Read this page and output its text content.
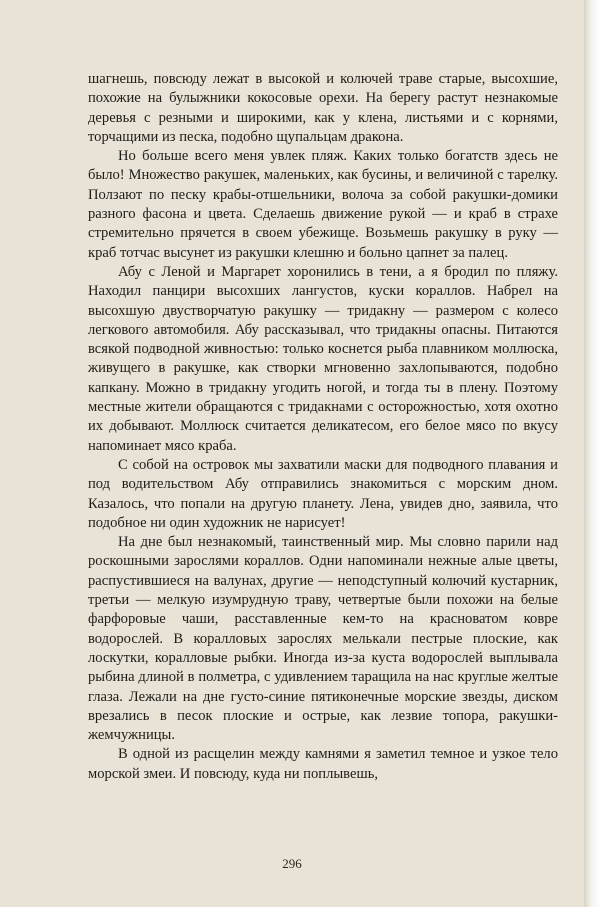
шагнешь, повсюду лежат в высокой и колючей траве старые, высохшие, похожие на булыжники кокосовые орехи. На берегу растут незнакомые деревья с резными и широкими, как у клена, листьями и с корнями, торчащими из песка, подобно щупальцам дракона.

Но больше всего меня увлек пляж. Каких только богатств здесь не было! Множество ракушек, маленьких, как бусины, и величиной с тарелку. Ползают по песку крабы-отшельники, волоча за собой ракушки-домики разного фасона и цвета. Сделаешь движение рукой — и краб в страхе стремительно прячется в своем убежище. Возьмешь ракушку в руку — краб тотчас высунет из ракушки клешню и больно цапнет за палец.

Абу с Леной и Маргарет хоронились в тени, а я бродил по пляжу. Находил панцири высохших лангустов, куски кораллов. Набрел на высохшую двустворчатую ракушку — тридакну — размером с колесо легкового автомобиля. Абу рассказывал, что тридакны опасны. Питаются всякой подводной живностью: только коснется рыба плавником моллюска, живущего в ракушке, как створки мгновенно захлопываются, подобно капкану. Можно в тридакну угодить ногой, и тогда ты в плену. Поэтому местные жители обращаются с тридакнами с осторожностью, хотя охотно их добывают. Моллюск считается деликатесом, его белое мясо по вкусу напоминает мясо краба.

С собой на островок мы захватили маски для подводного плавания и под водительством Абу отправились знакомиться с морским дном. Казалось, что попали на другую планету. Лена, увидев дно, заявила, что подобное ни один художник не нарисует!

На дне был незнакомый, таинственный мир. Мы словно парили над роскошными зарослями кораллов. Одни напоминали нежные алые цветы, распустившиеся на валунах, другие — неподступный колючий кустарник, третьи — мелкую изумрудную траву, четвертые были похожи на белые фарфоровые чаши, расставленные кем-то на красноватом ковре водорослей. В коралловых зарослях мелькали пестрые плоские, как лоскутки, коралловые рыбки. Иногда из-за куста водорослей выплывала рыбина длиной в полметра, с удивлением таращила на нас круглые желтые глаза. Лежали на дне густо-синие пятиконечные морские звезды, диском врезались в песок плоские и острые, как лезвие топора, ракушки-жемчужницы.

В одной из расщелин между камнями я заметил темное и узкое тело морской змеи. И повсюду, куда ни поплывешь,

296
